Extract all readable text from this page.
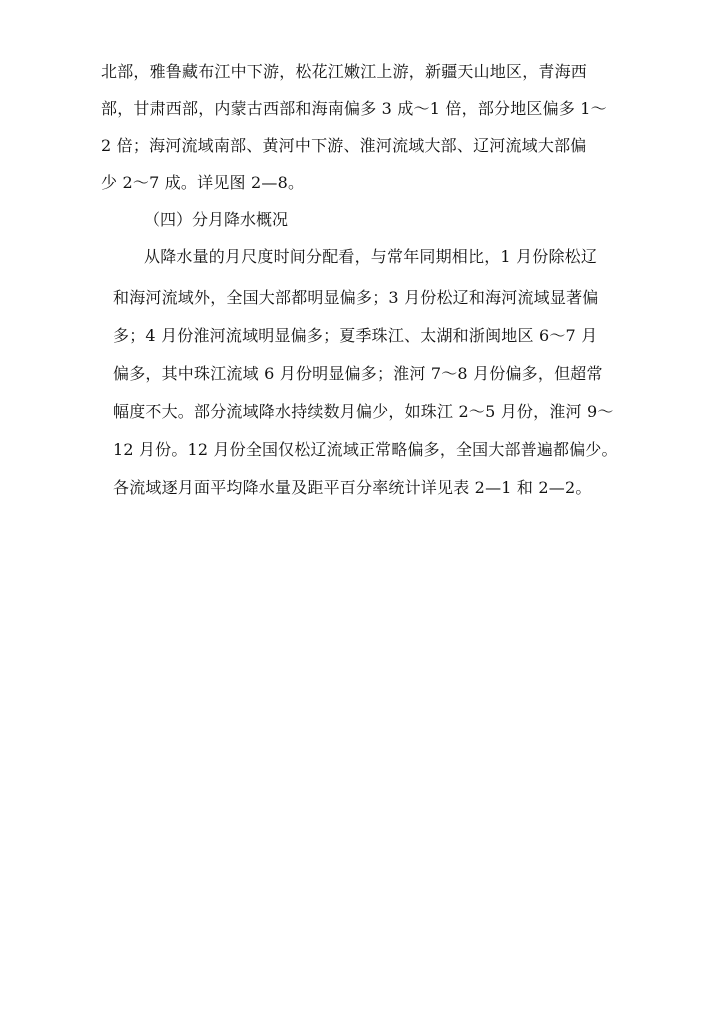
北部，雅鲁藏布江中下游，松花江嫩江上游，新疆天山地区，青海西
部，甘肃西部，内蒙古西部和海南偏多 3 成～1 倍，部分地区偏多 1～
2 倍；海河流域南部、黄河中下游、淮河流域大部、辽河流域大部偏
少 2～7 成。详见图 2—8。
（四）分月降水概况
从降水量的月尺度时间分配看，与常年同期相比，1 月份除松辽
和海河流域外，全国大部都明显偏多；3 月份松辽和海河流域显著偏
多；4 月份淮河流域明显偏多；夏季珠江、太湖和浙闽地区 6～7 月
偏多，其中珠江流域 6 月份明显偏多；淮河 7～8 月份偏多，但超常
幅度不大。部分流域降水持续数月偏少，如珠江 2～5 月份，淮河 9～
12 月份。12 月份全国仅松辽流域正常略偏多，全国大部普遍都偏少。
各流域逐月面平均降水量及距平百分率统计详见表 2—1 和 2—2。
